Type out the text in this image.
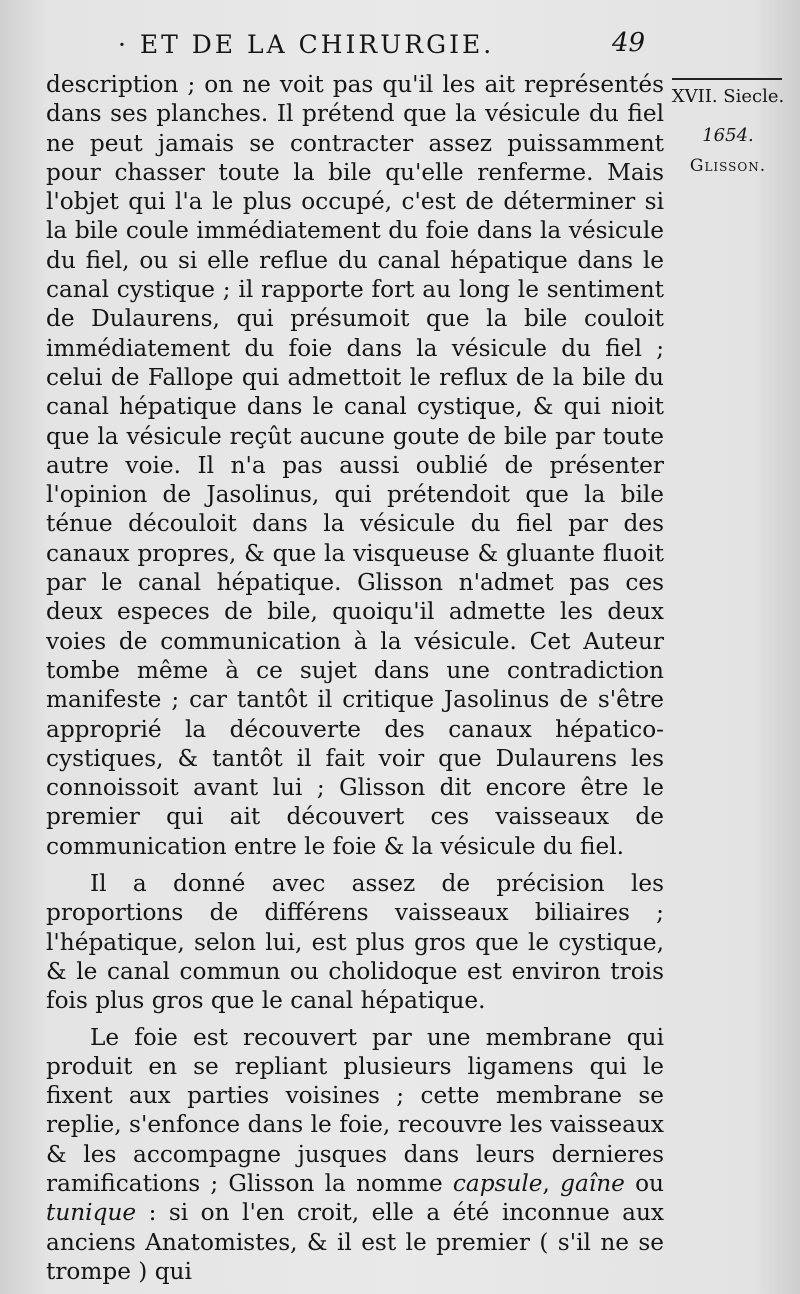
· ET DE LA CHIRURGIE.	49
XVII. Siecle.
1654.
Glisson.

description ; on ne voit pas qu'il les ait représentés dans ses planches. Il prétend que la vésicule du fiel ne peut jamais se contracter assez puissamment pour chasser toute la bile qu'elle renferme. Mais l'objet qui l'a le plus occupé, c'est de déterminer si la bile coule immédiatement du foie dans la vésicule du fiel, ou si elle reflue du canal hépatique dans le canal cystique ; il rapporte fort au long le sentiment de Dulaurens, qui présumoit que la bile couloit immédiatement du foie dans la vésicule du fiel ; celui de Fallope qui admettoit le reflux de la bile du canal hépatique dans le canal cystique, & qui nioit que la vésicule reçût aucune goute de bile par toute autre voie. Il n'a pas aussi oublié de présenter l'opinion de Jasolinus, qui prétendoit que la bile ténue découloit dans la vésicule du fiel par des canaux propres, & que la visqueuse & gluante fluoit par le canal hépatique. Glisson n'admet pas ces deux especes de bile, quoiqu'il admette les deux voies de communication à la vésicule. Cet Auteur tombe même à ce sujet dans une contradiction manifeste ; car tantôt il critique Jasolinus de s'être approprié la découverte des canaux hépatico-cystiques, & tantôt il fait voir que Dulaurens les connoissoit avant lui ; Glisson dit encore être le premier qui ait découvert ces vaisseaux de communication entre le foie & la vésicule du fiel.

Il a donné avec assez de précision les proportions de différens vaisseaux biliaires ; l'hépatique, selon lui, est plus gros que le cystique, & le canal commun ou cholidoque est environ trois fois plus gros que le canal hépatique.

Le foie est recouvert par une membrane qui produit en se repliant plusieurs ligamens qui le fixent aux parties voisines ; cette membrane se replie, s'enfonce dans le foie, recouvre les vaisseaux & les accompagne jusques dans leurs dernieres ramifications ; Glisson la nomme capsule, gaîne ou tunique : si on l'en croit, elle a été inconnue aux anciens Anatomistes, & il est le premier ( s'il ne se trompe ) qui
